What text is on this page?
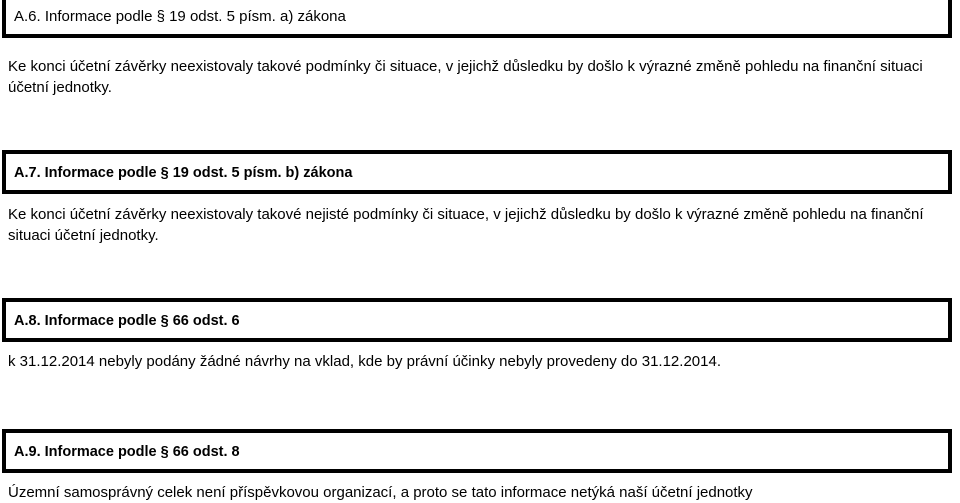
A.6. Informace podle § 19 odst. 5 písm. a) zákona
Ke konci účetní závěrky neexistovaly takové podmínky či situace, v jejichž důsledku by došlo k výrazné změně pohledu na finanční situaci účetní jednotky.
A.7. Informace podle § 19 odst. 5 písm. b) zákona
Ke konci účetní závěrky neexistovaly takové nejisté podmínky či situace, v jejichž důsledku by došlo k výrazné změně pohledu na finanční situaci účetní jednotky.
A.8. Informace podle § 66 odst. 6
k 31.12.2014 nebyly podány žádné návrhy na vklad, kde by právní účinky nebyly provedeny do 31.12.2014.
A.9. Informace podle § 66 odst. 8
Územní samosprávný celek není příspěvkovou organizací, a proto se tato informace netýká naší účetní jednotky
